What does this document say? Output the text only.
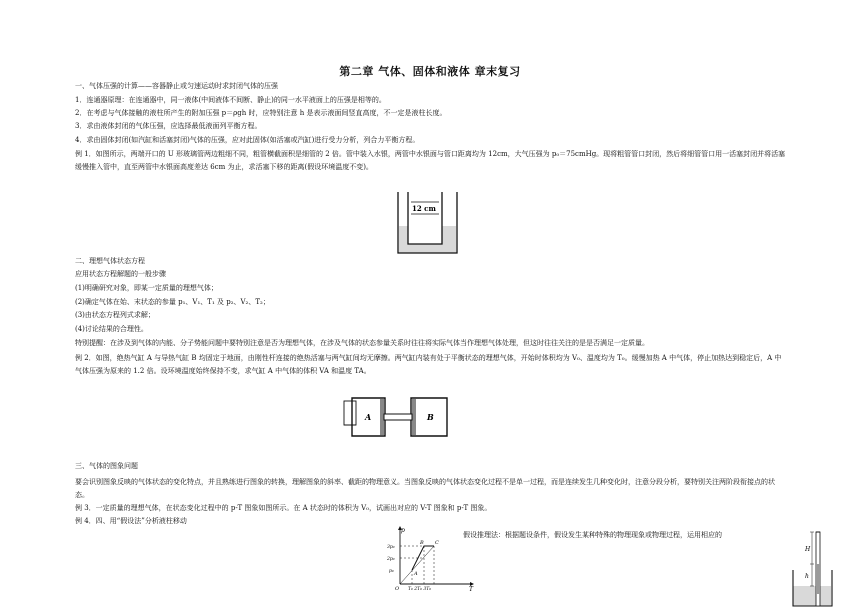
第二章 气体、固体和液体 章末复习
一、气体压强的计算——容器静止或匀速运动时求封闭气体的压强
1．连通器原理：在连通器中，同一液体(中间液体不间断、静止)的同一水平液面上的压强是相等的。
2．在考虑与气体接触的液柱所产生的附加压强 p＝ρgh 时，应特别注意 h 是表示液面间竖直高度，不一定是液柱长度。
3．求由液体封闭的气体压强，应选择最低液面列平衡方程。
4．求由固体封闭(如汽缸和活塞封闭)气体的压强，应对此固体(如活塞或汽缸)进行受力分析，列合力平衡方程。
例 1．如图所示，两端开口的 U 形玻璃管两边粗细不同，粗管横截面积是细管的 2 倍。管中装入水银，两管中水银面与管口距离均为 12cm，大气压强为 p₀＝75cmHg。现将粗管管口封闭，然后将细管管口用一活塞封闭并将活塞缓慢推入管中，直至两管中水银面高度差达 6cm 为止，求活塞下移的距离(假设环境温度不变)。
12 cm
二、理想气体状态方程
应用状态方程解题的一般步骤
(1)明确研究对象，即某一定质量的理想气体；
(2)确定气体在始、末状态的参量 p₁、V₁、T₁ 及 p₂、V₂、T₂；
(3)由状态方程列式求解；
(4)讨论结果的合理性。
特别提醒：在涉及到气体的内能、分子势能问题中要特别注意是否为理想气体，在涉及气体的状态参量关系时往往将实际气体当作理想气体处理，但这时往往关注的是是否满足一定质量。
例 2．如图，绝热气缸 A 与导热气缸 B 均固定于地面，由刚性杆连接的绝热活塞与两气缸间均无摩擦。两气缸内装有处于平衡状态的理想气体，开始时体积均为 V₀、温度均为 T₀。缓慢加热 A 中气体，停止加热达到稳定后，A 中气体压强为原来的 1.2 倍。设环境温度始终保持不变，求气缸 A 中气体的体积 VA 和温度 TA。
A	B
三、气体的图象问题
要会识别图象反映的气体状态的变化特点，并且熟练进行图象的转换，理解图象的斜率、截距的物理意义。当图象反映的气体状态变化过程不是单一过程，而是连续发生几种变化时，注意分段分析，要特别关注两阶段衔接点的状态。
例 3．一定质量的理想气体，在状态变化过程中的 p-T 图象如图所示。在 A 状态时的体积为 V₀，试画出对应的 V-T 图象和 p-T 图象。
例 4．四、用“假设法”分析液柱移动
假设推理法：根据题设条件，假设发生某种特殊的物理现象或物理过程，运用相应的
p
T
O
3p₀
2p₀
p₀	A
B C
T₀ 2T₀ 3T₀
H
h
